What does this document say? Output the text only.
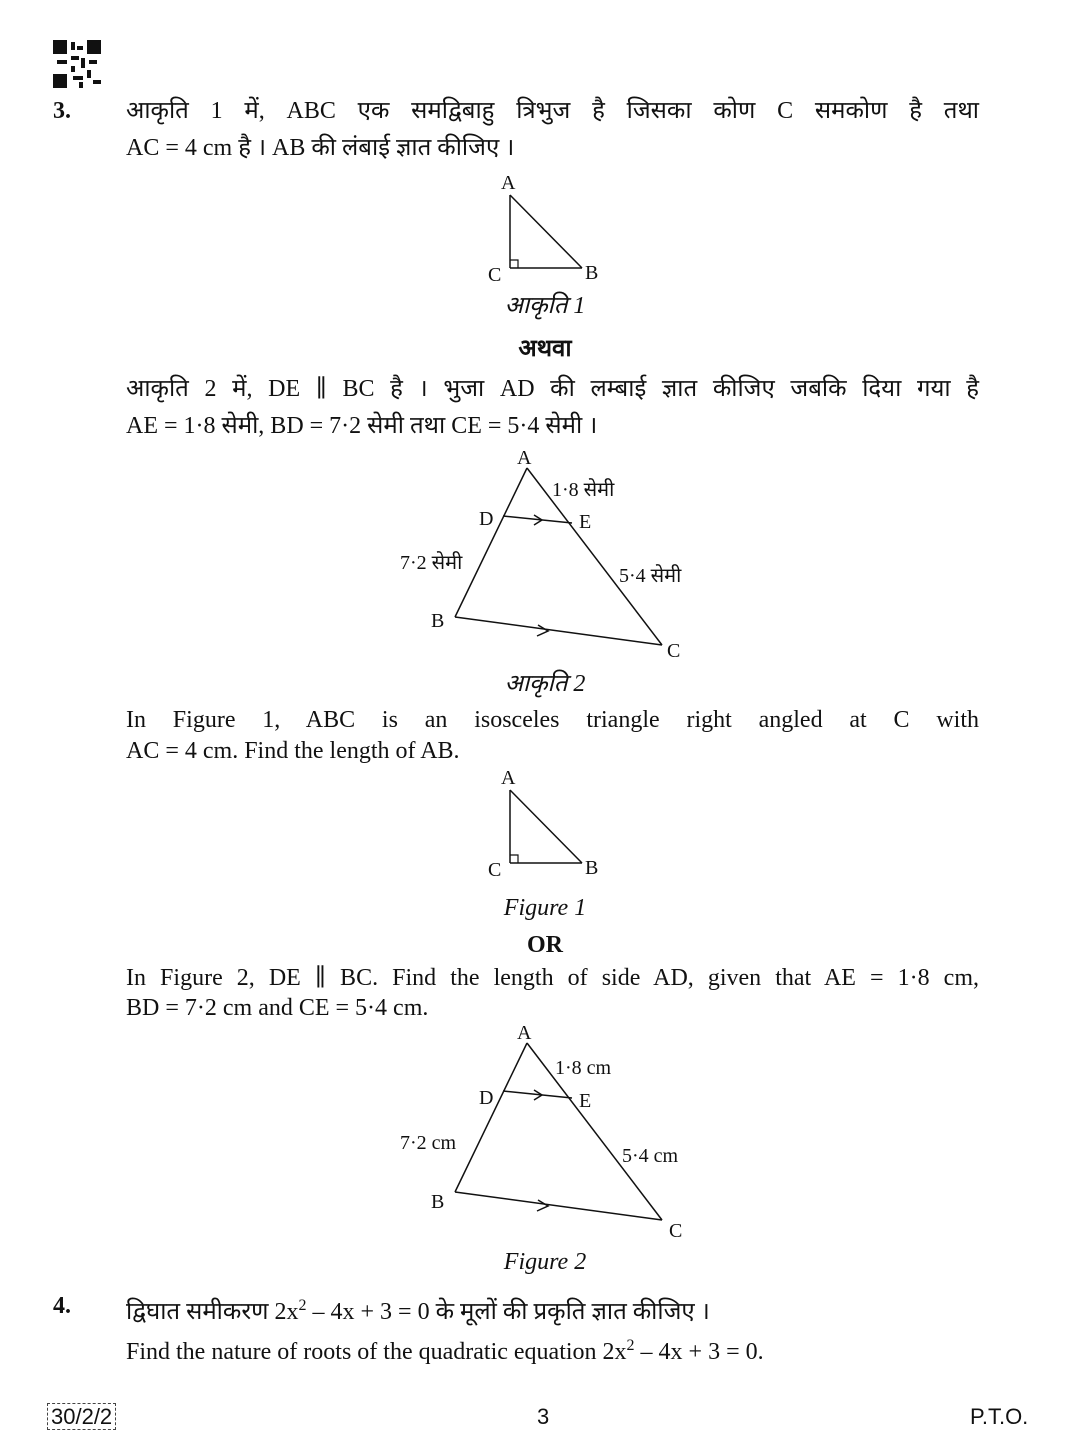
3. आकृति 1 में, ABC एक समद्विबाहु त्रिभुज है जिसका कोण C समकोण है तथा
AC = 4 cm है । AB की लंबाई ज्ञात कीजिए ।
A
C	B
आकृति 1
अथवा
आकृति 2 में, DE ∥ BC है । भुजा AD की लम्बाई ज्ञात कीजिए जबकि दिया गया है
AE = 1·8 सेमी, BD = 7·2 सेमी तथा CE = 5·4 सेमी ।
A
D	E
B
C
1·8 सेमी
7·2 सेमी
5·4 सेमी
आकृति 2
In Figure 1, ABC is an isosceles triangle right angled at C with
AC = 4 cm. Find the length of AB.
A
C	B
Figure 1
OR
In Figure 2, DE ∥ BC. Find the length of side AD, given that AE = 1·8 cm,
BD = 7·2 cm and CE = 5·4 cm.
A
D	E
B
C
1·8 cm
7·2 cm
5·4 cm
Figure 2
4. द्विघात समीकरण $2x^2 - 4x + 3 = 0$ के मूलों की प्रकृति ज्ञात कीजिए ।
Find the nature of roots of the quadratic equation $2x^2 - 4x + 3 = 0$.
30/2/2	3	P.T.O.
